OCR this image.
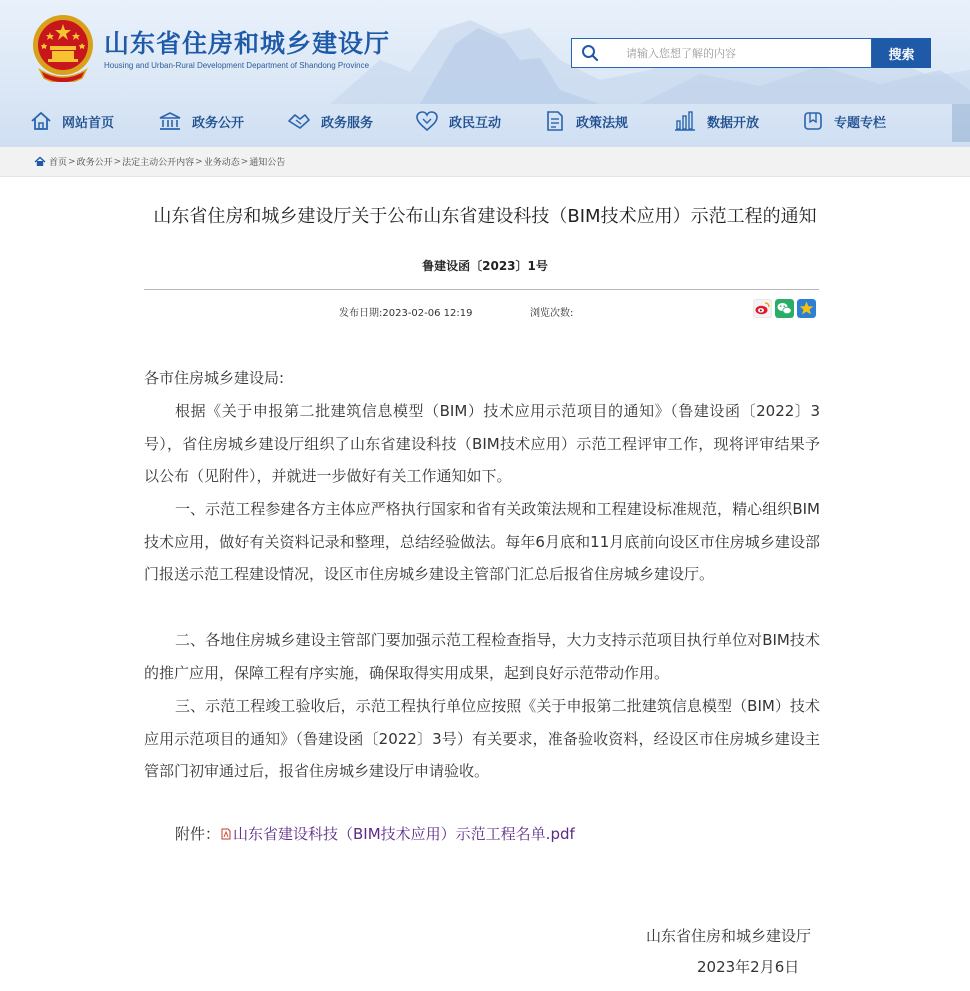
山东省住房和城乡建设厅
Housing and Urban-Rural Development Department of Shandong Province
请输入您想了解的内容
搜索
网站首页	政务公开	政务服务	政民互动	政策法规	数据开放	专题专栏
首页 > 政务公开 > 法定主动公开内容 > 业务动态 > 通知公告
山东省住房和城乡建设厅关于公布山东省建设科技（BIM技术应用）示范工程的通知
鲁建设函〔2023〕1号
发布日期:2023-02-06 12:19	浏览次数:
各市住房城乡建设局:
根据《关于申报第二批建筑信息模型（BIM）技术应用示范项目的通知》（鲁建设函〔2022〕3号），省住房城乡建设厅组织了山东省建设科技（BIM技术应用）示范工程评审工作，现将评审结果予以公布（见附件），并就进一步做好有关工作通知如下。
一、示范工程参建各方主体应严格执行国家和省有关政策法规和工程建设标准规范，精心组织BIM技术应用，做好有关资料记录和整理，总结经验做法。每年6月底和11月底前向设区市住房城乡建设部门报送示范工程建设情况，设区市住房城乡建设主管部门汇总后报省住房城乡建设厅。
二、各地住房城乡建设主管部门要加强示范工程检查指导，大力支持示范项目执行单位对BIM技术的推广应用，保障工程有序实施，确保取得实用成果，起到良好示范带动作用。
三、示范工程竣工验收后，示范工程执行单位应按照《关于申报第二批建筑信息模型（BIM）技术应用示范项目的通知》（鲁建设函〔2022〕3号）有关要求，准备验收资料，经设区市住房城乡建设主管部门初审通过后，报省住房城乡建设厅申请验收。
附件： 山东省建设科技（BIM技术应用）示范工程名单.pdf
山东省住房和城乡建设厅
2023年2月6日
